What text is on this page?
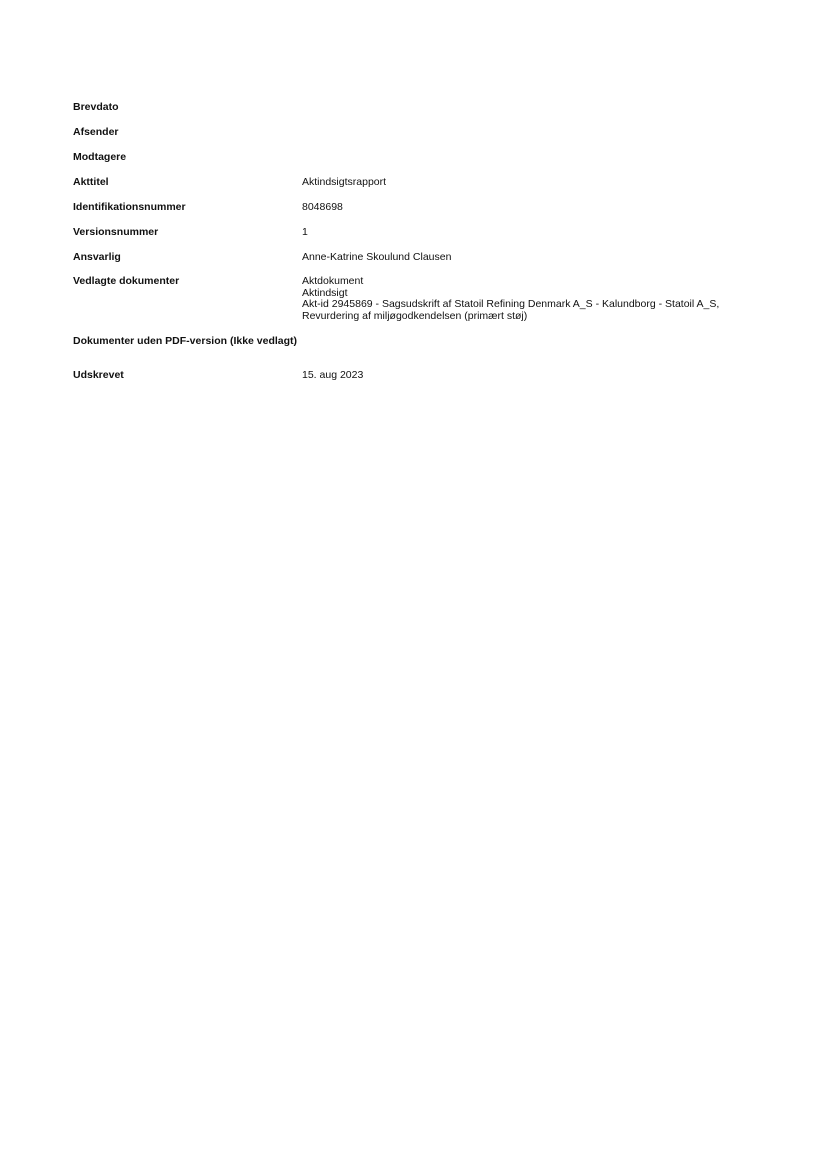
Brevdato
Afsender
Modtagere
Akttitel	Aktindsigtsrapport
Identifikationsnummer	8048698
Versionsnummer	1
Ansvarlig	Anne-Katrine Skoulund Clausen
Vedlagte dokumenter	Aktdokument
Aktindsigt
Akt-id 2945869 - Sagsudskrift af Statoil Refining Denmark A_S - Kalundborg - Statoil A_S,
Revurdering af miljøgodkendelsen (primært støj)
Dokumenter uden PDF-version (Ikke vedlagt)
Udskrevet	15. aug 2023
